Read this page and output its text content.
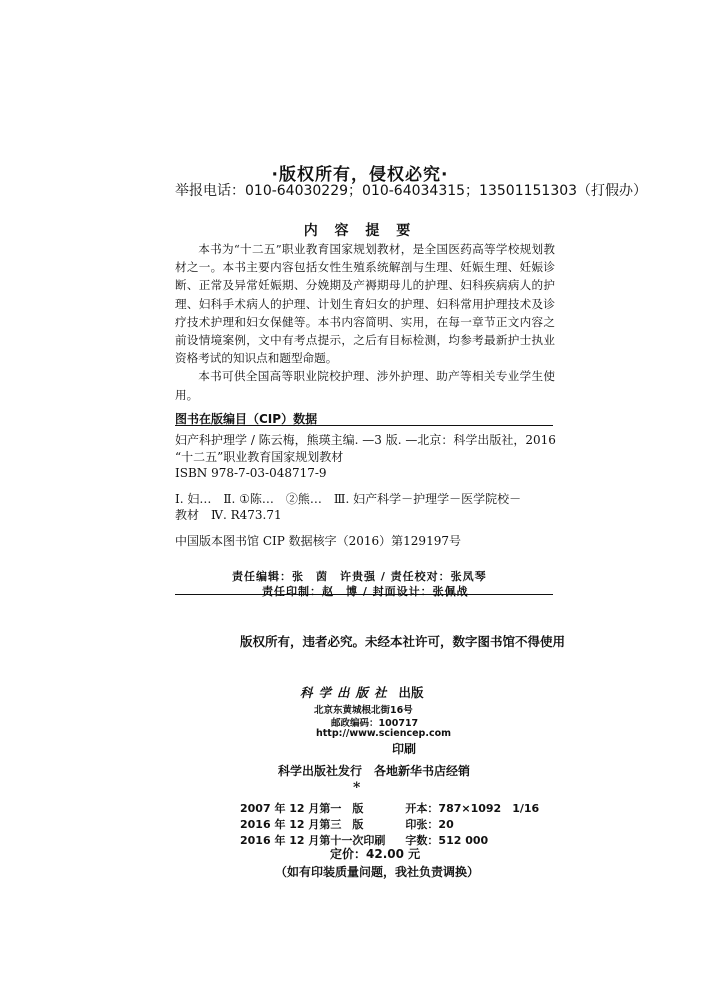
·版权所有，侵权必究·
举报电话：010-64030229；010-64034315；13501151303（打假办）
内 容 提 要

本书为“十二五”职业教育国家规划教材，是全国医药高等学校规划教材之一。本书主要内容包括女性生殖系统解剖与生理、妊娠生理、妊娠诊断、正常及异常妊娠期、分娩期及产褥期母儿的护理、妇科疾病病人的护理、妇科手术病人的护理、计划生育妇女的护理、妇科常用护理技术及诊疗技术护理和妇女保健等。本书内容简明、实用，在每一章节正文内容之前设情境案例，文中有考点提示，之后有目标检测，均参考最新护士执业资格考试的知识点和题型命题。

本书可供全国高等职业院校护理、涉外护理、助产等相关专业学生使用。

图书在版编目（CIP）数据
妇产科护理学 / 陈云梅，熊瑛主编. —3 版. —北京：科学出版社，2016
“十二五”职业教育国家规划教材
ISBN 978-7-03-048717-9
Ⅰ. 妇…　Ⅱ. ①陈…　②熊…　Ⅲ. 妇产科学－护理学－医学院校－
教材　Ⅳ. R473.71
中国版本图书馆 CIP 数据核字（2016）第129197号
责任编辑：张　茵　许贵强 / 责任校对：张凤琴
责任印制：赵　博 / 封面设计：张佩战
版权所有，违者必究。未经本社许可，数字图书馆不得使用
科学出版社 出版
北京东黄城根北街16号
邮政编码：100717
http://www.sciencep.com
印刷
科学出版社发行　各地新华书店经销
*
2007 年 12 月第	一　版	开本：787×1092　1/16
2016 年 12 月第	三　版	印张：20
2016 年 12 月第	十一次印刷	字数：512 000
定价：42.00 元
（如有印装质量问题，我社负责调换）
